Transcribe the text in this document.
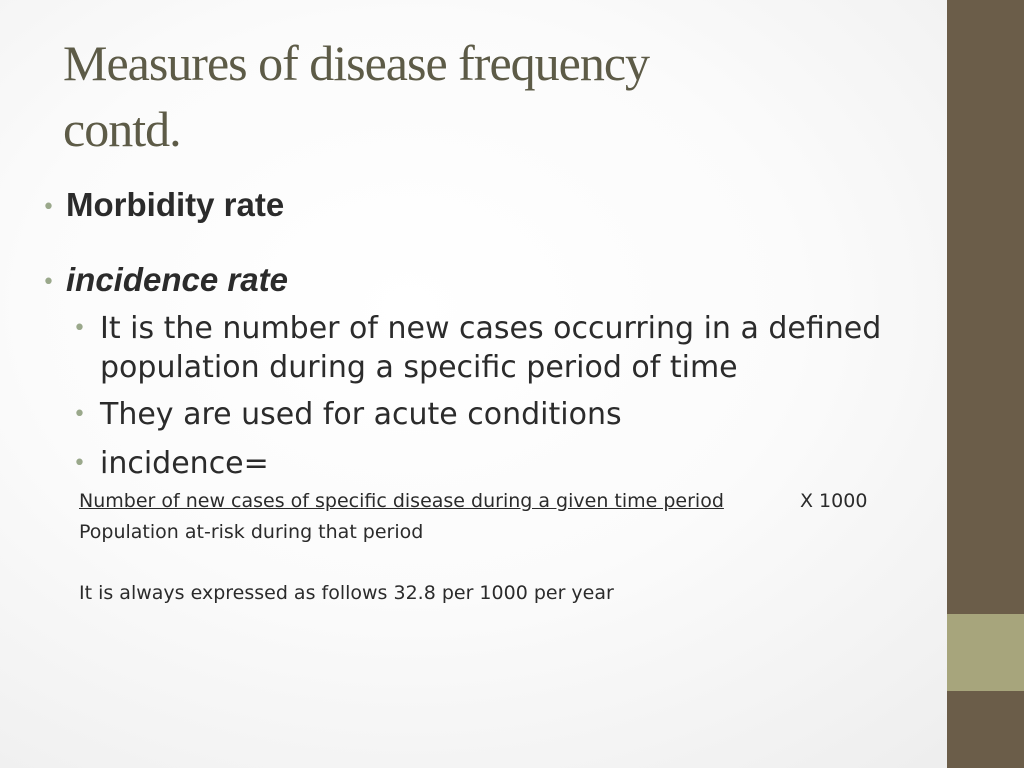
Measures of disease frequency
contd.
• Morbidity rate
• incidence rate
• It is the number of new cases occurring in a defined
population during a specific period of time
• They are used for acute conditions
• incidence=
Number of new cases of specific disease during a given time period	X 1000
Population at-risk during that period
It is always expressed as follows 32.8 per 1000 per year
